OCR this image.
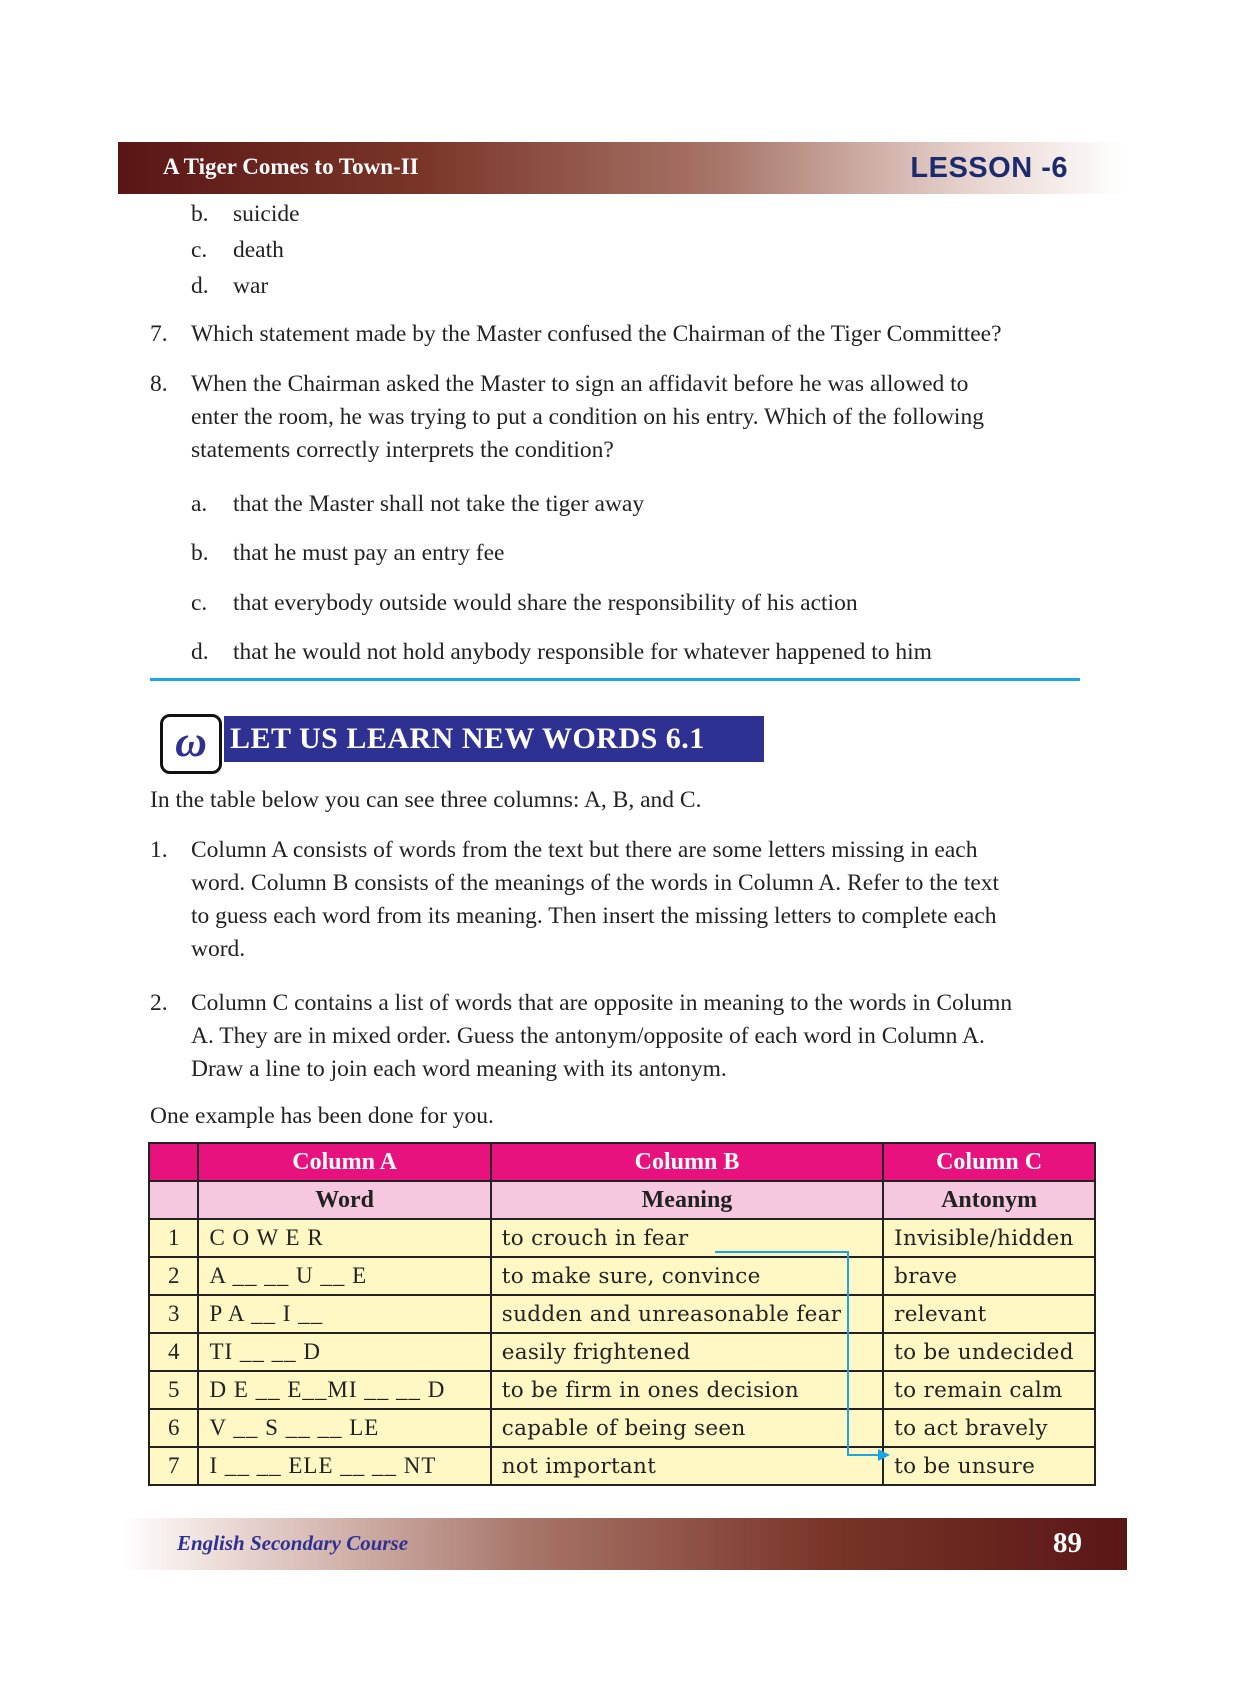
A Tiger Comes to Town-II	LESSON -6
b. suicide
c. death
d. war
7. Which statement made by the Master confused the Chairman of the Tiger Committee?
8. When the Chairman asked the Master to sign an affidavit before he was allowed to
enter the room, he was trying to put a condition on his entry. Which of the following
statements correctly interprets the condition?
a. that the Master shall not take the tiger away
b. that he must pay an entry fee
c. that everybody outside would share the responsibility of his action
d. that he would not hold anybody responsible for whatever happened to him
ω LET US LEARN NEW WORDS 6.1
In the table below you can see three columns: A, B, and C.
1. Column A consists of words from the text but there are some letters missing in each
word. Column B consists of the meanings of the words in Column A. Refer to the text
to guess each word from its meaning. Then insert the missing letters to complete each
word.
2. Column C contains a list of words that are opposite in meaning to the words in Column
A. They are in mixed order. Guess the antonym/opposite of each word in Column A.
Draw a line to join each word meaning with its antonym.
One example has been done for you.
	Column A	Column B	Column C
	Word	Meaning	Antonym
1	C O W E R	to crouch in fear	Invisible/hidden
2	A __ __ U __ E	to make sure, convince	brave
3	P A __ I __	sudden and unreasonable fear	relevant
4	TI __ __ D	easily frightened	to be undecided
5	D E __ E__MI __ __ D	to be firm in ones decision	to remain calm
6	V __ S __ __ LE	capable of being seen	to act bravely
7	I __ __ ELE __ __ NT	not important	to be unsure
English Secondary Course	89
